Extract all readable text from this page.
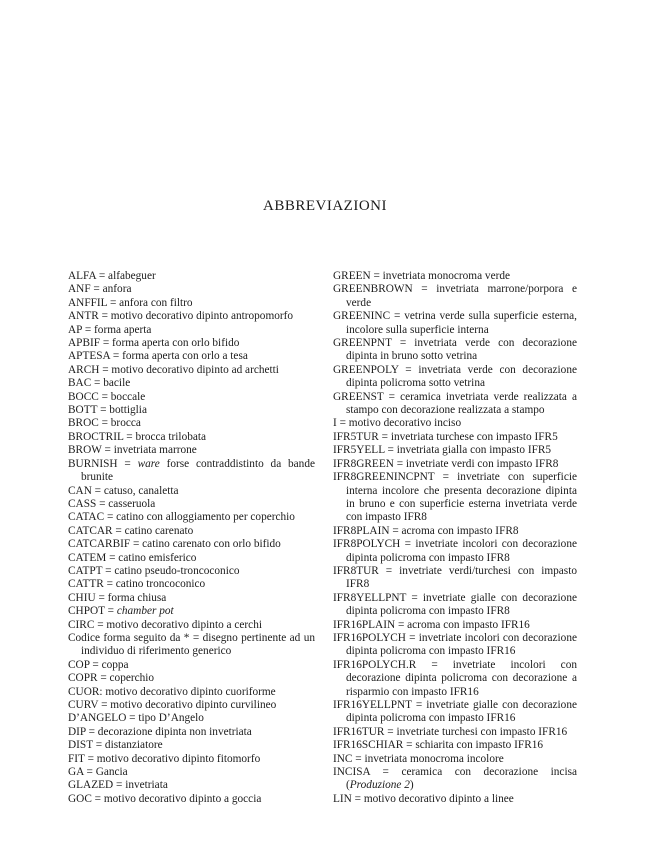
ABBREVIAZIONI

ALFA = alfabeguer

ANF = anfora

ANFFIL = anfora con filtro

ANTR = motivo decorativo dipinto antropomorfo

AP = forma aperta

APBIF = forma aperta con orlo bifido

APTESA = forma aperta con orlo a tesa

ARCH = motivo decorativo dipinto ad archetti

BAC = bacile

BOCC = boccale

BOTT = bottiglia

BROC = brocca

BROCTRIL = brocca trilobata

BROW = invetriata marrone

BURNISH = ware forse contraddistinto da bande brunite

CAN = catuso, canaletta

CASS = casseruola

CATAC = catino con alloggiamento per coperchio

CATCAR = catino carenato

CATCARBIF = catino carenato con orlo bifido

CATEM = catino emisferico

CATPT = catino pseudo-troncoconico

CATTR = catino troncoconico

CHIU = forma chiusa

CHPOT = chamber pot

CIRC = motivo decorativo dipinto a cerchi

Codice forma seguito da * = disegno pertinente ad un individuo di riferimento generico

COP = coppa

COPR = coperchio

CUOR: motivo decorativo dipinto cuoriforme

CURV = motivo decorativo dipinto curvilineo

D’ANGELO = tipo D’Angelo

DIP = decorazione dipinta non invetriata

DIST = distanziatore

FIT = motivo decorativo dipinto fitomorfo

GA = Gancia

GLAZED = invetriata

GOC = motivo decorativo dipinto a goccia

GREEN = invetriata monocroma verde

GREENBROWN = invetriata marrone/porpora e verde

GREENINC = vetrina verde sulla superficie esterna, incolore sulla superficie interna

GREENPNT = invetriata verde con decorazione dipinta in bruno sotto vetrina

GREENPOLY = invetriata verde con decorazione dipinta policroma sotto vetrina

GREENST = ceramica invetriata verde realizzata a stampo con decorazione realizzata a stampo

I = motivo decorativo inciso

IFR5TUR = invetriata turchese con impasto IFR5

IFR5YELL = invetriata gialla con impasto IFR5

IFR8GREEN = invetriate verdi con impasto IFR8

IFR8GREENINCPNT = invetriate con superficie interna incolore che presenta decorazione dipinta in bruno e con superficie esterna invetriata verde con impasto IFR8

IFR8PLAIN = acroma con impasto IFR8

IFR8POLYCH = invetriate incolori con decorazione dipinta policroma con impasto IFR8

IFR8TUR = invetriate verdi/turchesi con impasto IFR8

IFR8YELLPNT = invetriate gialle con decorazione dipinta policroma con impasto IFR8

IFR16PLAIN = acroma con impasto IFR16

IFR16POLYCH = invetriate incolori con decorazione dipinta policroma con impasto IFR16

IFR16POLYCH.R = invetriate incolori con decorazione dipinta policroma con decorazione a risparmio con impasto IFR16

IFR16YELLPNT = invetriate gialle con decorazione dipinta policroma con impasto IFR16

IFR16TUR = invetriate turchesi con impasto IFR16

IFR16SCHIAR = schiarita con impasto IFR16

INC = invetriata monocroma incolore

INCISA = ceramica con decorazione incisa (Produzione 2)

LIN = motivo decorativo dipinto a linee
